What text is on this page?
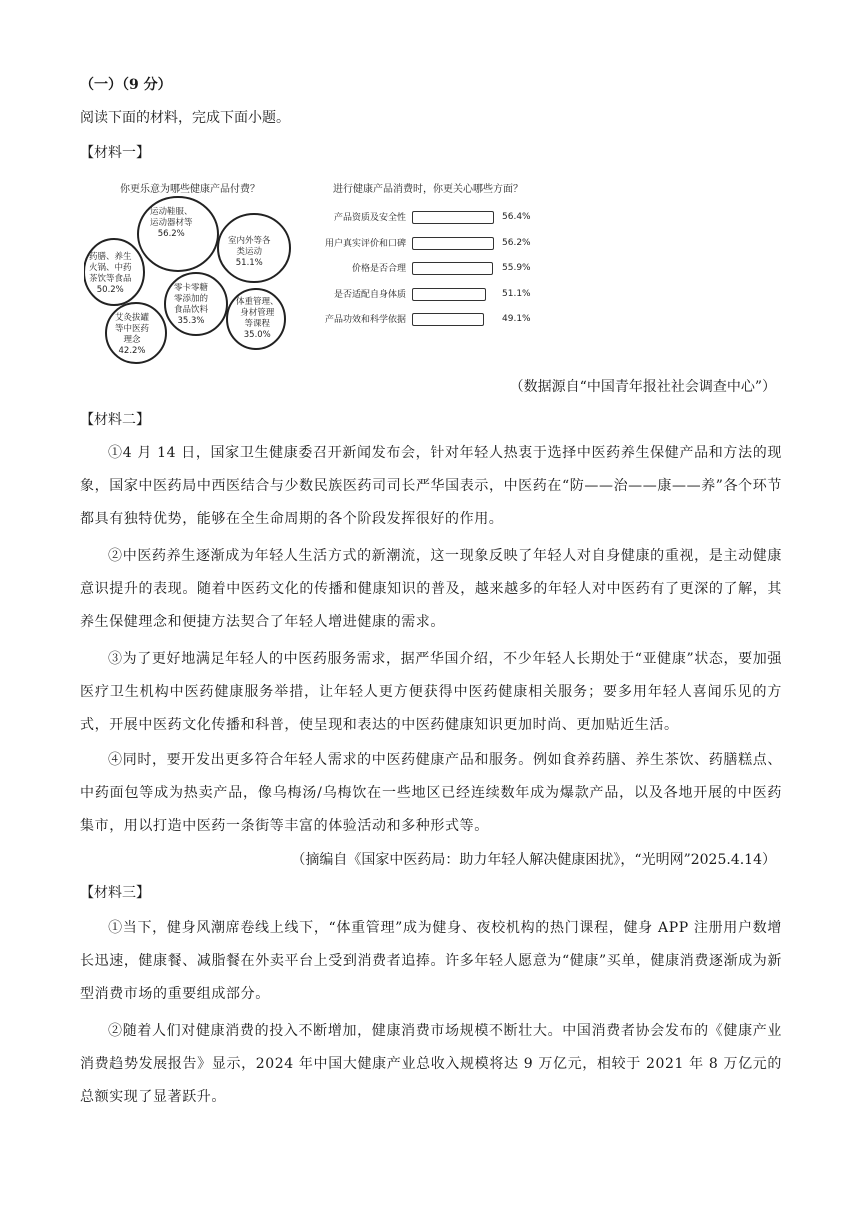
（一）（9 分）
阅读下面的材料，完成下面小题。
【材料一】
你更乐意为哪些健康产品付费？
运动鞋服、
运动器材等
56.2%
室内外等各
类运动
51.1%
药膳、养生
火锅、中药
茶饮等食品
50.2%	零卡零糖
零添加的
食品饮料
35.3%
体重管理、
身材管理
等课程
35.0%
艾灸拔罐
等中医药
理念
42.2%
进行健康产品消费时，你更关心哪些方面？
产品资质及安全性	56.4%
用户真实评价和口碑	56.2%
价格是否合理	55.9%
是否适配自身体质	51.1%
产品功效和科学依据	49.1%
（数据源自“中国青年报社社会调查中心”）
【材料二】
①4 月 14 日，国家卫生健康委召开新闻发布会，针对年轻人热衷于选择中医药养生保健产品和方法的现象，国家中医药局中西医结合与少数民族医药司司长严华国表示，中医药在“防——治——康——养”各个环节都具有独特优势，能够在全生命周期的各个阶段发挥很好的作用。
②中医药养生逐渐成为年轻人生活方式的新潮流，这一现象反映了年轻人对自身健康的重视，是主动健康意识提升的表现。随着中医药文化的传播和健康知识的普及，越来越多的年轻人对中医药有了更深的了解，其养生保健理念和便捷方法契合了年轻人增进健康的需求。
③为了更好地满足年轻人的中医药服务需求，据严华国介绍，不少年轻人长期处于“亚健康”状态，要加强医疗卫生机构中医药健康服务举措，让年轻人更方便获得中医药健康相关服务；要多用年轻人喜闻乐见的方式，开展中医药文化传播和科普，使呈现和表达的中医药健康知识更加时尚、更加贴近生活。
④同时，要开发出更多符合年轻人需求的中医药健康产品和服务。例如食养药膳、养生茶饮、药膳糕点、中药面包等成为热卖产品，像乌梅汤/乌梅饮在一些地区已经连续数年成为爆款产品，以及各地开展的中医药集市，用以打造中医药一条街等丰富的体验活动和多种形式等。
（摘编自《国家中医药局：助力年轻人解决健康困扰》，“光明网”2025.4.14）
【材料三】
①当下，健身风潮席卷线上线下，“体重管理”成为健身、夜校机构的热门课程，健身 APP 注册用户数增长迅速，健康餐、减脂餐在外卖平台上受到消费者追捧。许多年轻人愿意为“健康”买单，健康消费逐渐成为新型消费市场的重要组成部分。
②随着人们对健康消费的投入不断增加，健康消费市场规模不断壮大。中国消费者协会发布的《健康产业消费趋势发展报告》显示，2024 年中国大健康产业总收入规模将达 9 万亿元，相较于 2021 年 8 万亿元的总额实现了显著跃升。
